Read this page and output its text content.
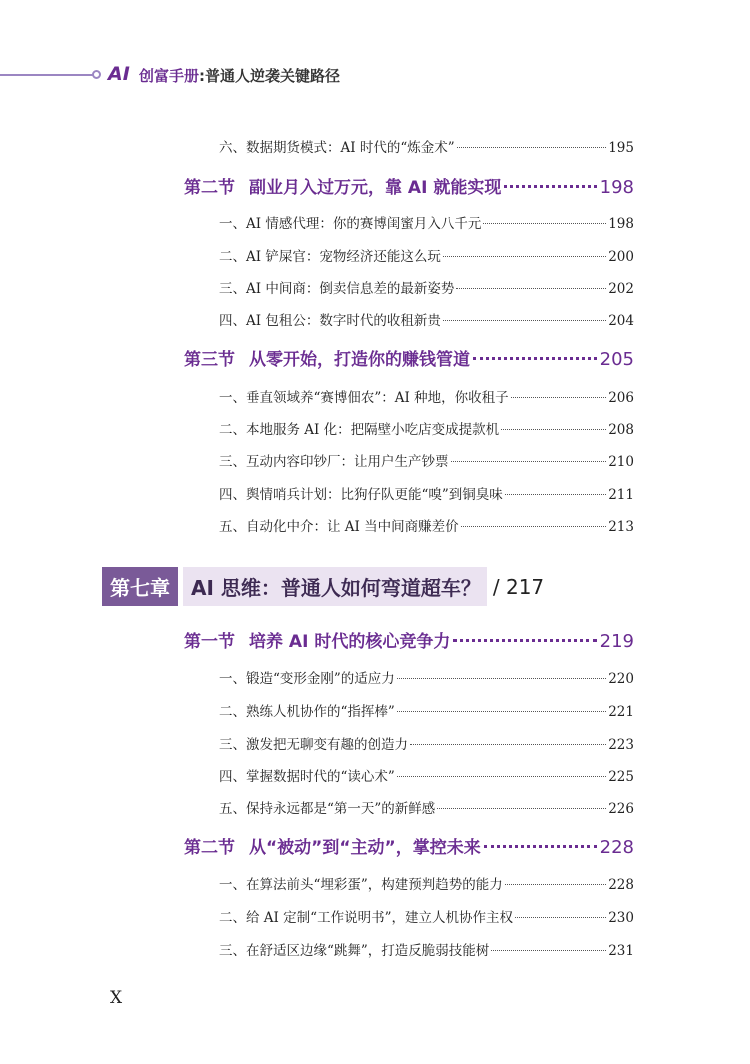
AI 创富手册:普通人逆袭关键路径
六、数据期货模式：AI 时代的“炼金术”	195
第二节 副业月入过万元，靠 AI 就能实现	198
一、AI 情感代理：你的赛博闺蜜月入八千元	198
二、AI 铲屎官：宠物经济还能这么玩	200
三、AI 中间商：倒卖信息差的最新姿势	202
四、AI 包租公：数字时代的收租新贵	204
第三节 从零开始，打造你的赚钱管道	205
一、垂直领域养“赛博佃农”：AI 种地，你收租子	206
二、本地服务 AI 化：把隔壁小吃店变成提款机	208
三、互动内容印钞厂：让用户生产钞票	210
四、舆情哨兵计划：比狗仔队更能“嗅”到铜臭味	211
五、自动化中介：让 AI 当中间商赚差价	213
第七章	AI 思维：普通人如何弯道超车？ / 217
第一节 培养 AI 时代的核心竞争力	219
一、锻造“变形金刚”的适应力	220
二、熟练人机协作的“指挥棒”	221
三、激发把无聊变有趣的创造力	223
四、掌握数据时代的“读心术”	225
五、保持永远都是“第一天”的新鲜感	226
第二节 从“被动”到“主动”，掌控未来	228
一、在算法前头“埋彩蛋”，构建预判趋势的能力	228
二、给 AI 定制“工作说明书”，建立人机协作主权	230
三、在舒适区边缘“跳舞”，打造反脆弱技能树	231
X
